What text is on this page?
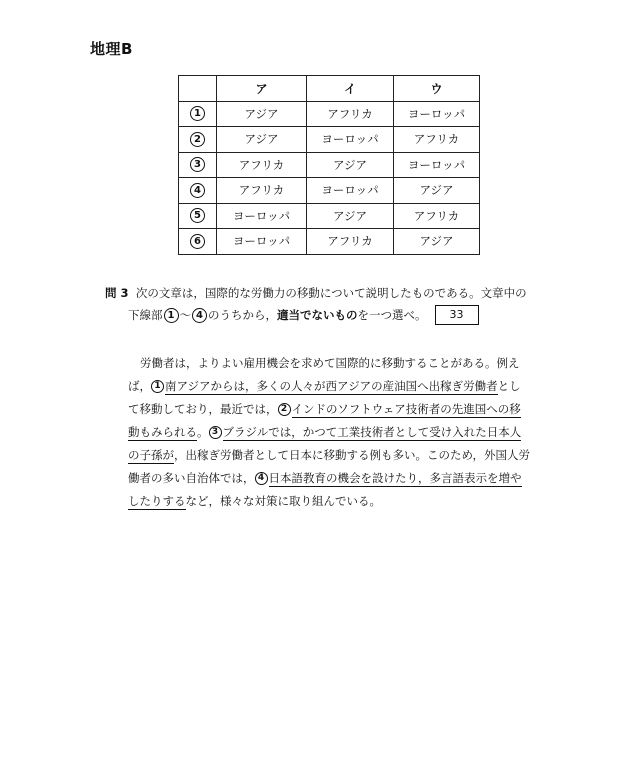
地理B
	ア	イ	ウ
1	アジア	アフリカ	ヨーロッパ
2	アジア	ヨーロッパ	アフリカ
3	アフリカ	アジア	ヨーロッパ
4	アフリカ	ヨーロッパ	アジア
5	ヨーロッパ	アジア	アフリカ
6	ヨーロッパ	アフリカ	アジア
問 3 次の文章は，国際的な労働力の移動について説明したものである。文章中の
下線部 1 〜 4 のうちから， 適当でないもの を一つ選べ。	33
労働者は，よりよい雇用機会を求めて国際的に移動することがある。例え
ば， 1 南アジアからは，多くの人々が西アジアの産油国へ出稼ぎ労働者とし
て移動しており，最近では， 2 インドのソフトウェア技術者の先進国への移
動もみられる。 3 ブラジルでは，かつて工業技術者として受け入れた日本人
の子孫が，出稼ぎ労働者として日本に移動する例も多い。このため，外国人労
働者の多い自治体では， 4 日本語教育の機会を設けたり，多言語表示を増や
したりするなど，様々な対策に取り組んでいる。
